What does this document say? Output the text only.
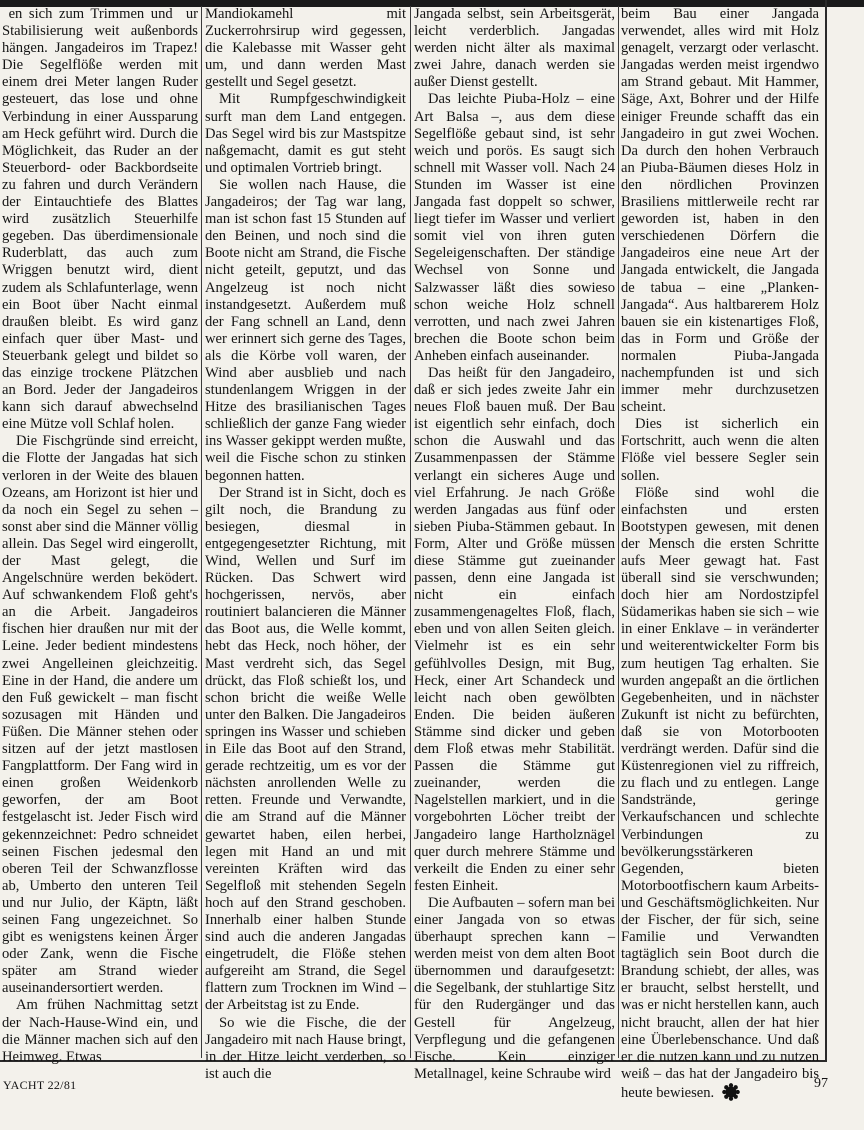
en sich zum Trimmen und  ur Stabilisierung weit außenbords hängen. Jangadeiros im Trapez! Die Segelflöße werden mit einem drei Meter langen Ruder gesteuert, das lose und ohne Verbindung in einer Aussparung am Heck geführt wird. Durch die Möglichkeit, das Ruder an der Steuerbord- oder Backbordseite zu fahren und durch Verändern der Eintauchtiefe des Blattes wird zusätzlich Steuerhilfe gegeben. Das überdimensionale Ruderblatt, das auch zum Wriggen benutzt wird, dient zudem als Schlafunterlage, wenn ein Boot über Nacht einmal draußen bleibt. Es wird ganz einfach quer über Mast- und Steuerbank gelegt und bildet so das einzige trockene Plätzchen an Bord. Jeder der Jangadeiros kann sich darauf abwechselnd eine Mütze voll Schlaf holen.

Die Fischgründe sind erreicht, die Flotte der Jangadas hat sich verloren in der Weite des blauen Ozeans, am Horizont ist hier und da noch ein Segel zu sehen – sonst aber sind die Männer völlig allein. Das Segel wird eingerollt, der Mast gelegt, die Angelschnüre werden beködert. Auf schwankendem Floß geht's an die Arbeit. Jangadeiros fischen hier draußen nur mit der Leine. Jeder bedient mindestens zwei Angelleinen gleichzeitig. Eine in der Hand, die andere um den Fuß gewickelt – man fischt sozusagen mit Händen und Füßen. Die Männer stehen oder sitzen auf der jetzt mastlosen Fangplattform. Der Fang wird in einen großen Weidenkorb geworfen, der am Boot festgelascht ist. Jeder Fisch wird gekennzeichnet: Pedro schneidet seinen Fischen jedesmal den oberen Teil der Schwanzflosse ab, Umberto den unteren Teil und nur Julio, der Käptn, läßt seinen Fang ungezeichnet. So gibt es wenigstens keinen Ärger oder Zank, wenn die Fische später am Strand wieder auseinandersortiert werden.

Am frühen Nachmittag setzt der Nach-Hause-Wind ein, und die Männer machen sich auf den Heimweg. Etwas

Mandiokamehl mit Zuckerrohrsirup wird gegessen, die Kalebasse mit Wasser geht um, und dann werden Mast gestellt und Segel gesetzt.

Mit Rumpfgeschwindigkeit surft man dem Land entgegen. Das Segel wird bis zur Mastspitze naßgemacht, damit es gut steht und optimalen Vortrieb bringt.

Sie wollen nach Hause, die Jangadeiros; der Tag war lang, man ist schon fast 15 Stunden auf den Beinen, und noch sind die Boote nicht am Strand, die Fische nicht geteilt, geputzt, und das Angelzeug ist noch nicht instandgesetzt. Außerdem muß der Fang schnell an Land, denn wer erinnert sich gerne des Tages, als die Körbe voll waren, der Wind aber ausblieb und nach stundenlangem Wriggen in der Hitze des brasilianischen Tages schließlich der ganze Fang wieder ins Wasser gekippt werden mußte, weil die Fische schon zu stinken begonnen hatten.

Der Strand ist in Sicht, doch es gilt noch, die Brandung zu besiegen, diesmal in entgegengesetzter Richtung, mit Wind, Wellen und Surf im Rücken. Das Schwert wird hochgerissen, nervös, aber routiniert balancieren die Männer das Boot aus, die Welle kommt, hebt das Heck, noch höher, der Mast verdreht sich, das Segel drückt, das Floß schießt los, und schon bricht die weiße Welle unter den Balken. Die Jangadeiros springen ins Wasser und schieben in Eile das Boot auf den Strand, gerade rechtzeitig, um es vor der nächsten anrollenden Welle zu retten. Freunde und Verwandte, die am Strand auf die Männer gewartet haben, eilen herbei, legen mit Hand an und mit vereinten Kräften wird das Segelfloß mit stehenden Segeln hoch auf den Strand geschoben. Innerhalb einer halben Stunde sind auch die anderen Jangadas eingetrudelt, die Flöße stehen aufgereiht am Strand, die Segel flattern zum Trocknen im Wind – der Arbeitstag ist zu Ende.

So wie die Fische, die der Jangadeiro mit nach Hause bringt, in der Hitze leicht verderben, so ist auch die

Jangada selbst, sein Arbeitsgerät, leicht verderblich. Jangadas werden nicht älter als maximal zwei Jahre, danach werden sie außer Dienst gestellt.

Das leichte Piuba-Holz – eine Art Balsa –, aus dem diese Segelflöße gebaut sind, ist sehr weich und porös. Es saugt sich schnell mit Wasser voll. Nach 24 Stunden im Wasser ist eine Jangada fast doppelt so schwer, liegt tiefer im Wasser und verliert somit viel von ihren guten Segeleigenschaften. Der ständige Wechsel von Sonne und Salzwasser läßt dies sowieso schon weiche Holz schnell verrotten, und nach zwei Jahren brechen die Boote schon beim Anheben einfach auseinander.

Das heißt für den Jangadeiro, daß er sich jedes zweite Jahr ein neues Floß bauen muß. Der Bau ist eigentlich sehr einfach, doch schon die Auswahl und das Zusammenpassen der Stämme verlangt ein sicheres Auge und viel Erfahrung. Je nach Größe werden Jangadas aus fünf oder sieben Piuba-Stämmen gebaut. In Form, Alter und Größe müssen diese Stämme gut zueinander passen, denn eine Jangada ist nicht ein einfach zusammengenageltes Floß, flach, eben und von allen Seiten gleich. Vielmehr ist es ein sehr gefühlvolles Design, mit Bug, Heck, einer Art Schandeck und leicht nach oben gewölbten Enden. Die beiden äußeren Stämme sind dicker und geben dem Floß etwas mehr Stabilität. Passen die Stämme gut zueinander, werden die Nagelstellen markiert, und in die vorgebohrten Löcher treibt der Jangadeiro lange Hartholznägel quer durch mehrere Stämme und verkeilt die Enden zu einer sehr festen Einheit.

Die Aufbauten – sofern man bei einer Jangada von so etwas überhaupt sprechen kann – werden meist von dem alten Boot übernommen und daraufgesetzt: die Segelbank, der stuhlartige Sitz für den Rudergänger und das Gestell für Angelzeug, Verpflegung und die gefangenen Fische. Kein einziger Metallnagel, keine Schraube wird

beim Bau einer Jangada verwendet, alles wird mit Holz genagelt, verzargt oder verlascht. Jangadas werden meist irgendwo am Strand gebaut. Mit Hammer, Säge, Axt, Bohrer und der Hilfe einiger Freunde schafft das ein Jangadeiro in gut zwei Wochen. Da durch den hohen Verbrauch an Piuba-Bäumen dieses Holz in den nördlichen Provinzen Brasiliens mittlerweile recht rar geworden ist, haben in den verschiedenen Dörfern die Jangadeiros eine neue Art der Jangada entwickelt, die Jangada de tabua – eine „Planken-Jangada“. Aus haltbarerem Holz bauen sie ein kistenartiges Floß, das in Form und Größe der normalen Piuba-Jangada nachempfunden ist und sich immer mehr durchzusetzen scheint.

Dies ist sicherlich ein Fortschritt, auch wenn die alten Flöße viel bessere Segler sein sollen.

Flöße sind wohl die einfachsten und ersten Bootstypen gewesen, mit denen der Mensch die ersten Schritte aufs Meer gewagt hat. Fast überall sind sie verschwunden; doch hier am Nordostzipfel Südamerikas haben sie sich – wie in einer Enklave – in veränderter und weiterentwickelter Form bis zum heutigen Tag erhalten. Sie wurden angepaßt an die örtlichen Gegebenheiten, und in nächster Zukunft ist nicht zu befürchten, daß sie von Motorbooten verdrängt werden. Dafür sind die Küstenregionen viel zu riffreich, zu flach und zu entlegen. Lange Sandstrände, geringe Verkaufschancen und schlechte Verbindungen zu bevölkerungsstärkeren Gegenden, bieten Motorbootfischern kaum Arbeits- und Geschäftsmöglichkeiten. Nur der Fischer, der für sich, seine Familie und Verwandten tagtäglich sein Boot durch die Brandung schiebt, der alles, was er braucht, selbst herstellt, und was er nicht herstellen kann, auch nicht braucht, allen der hat hier eine Überlebenschance. Und daß er die nutzen kann und zu nutzen weiß – das hat der Jangadeiro bis heute bewiesen.

YACHT 22/81	97
